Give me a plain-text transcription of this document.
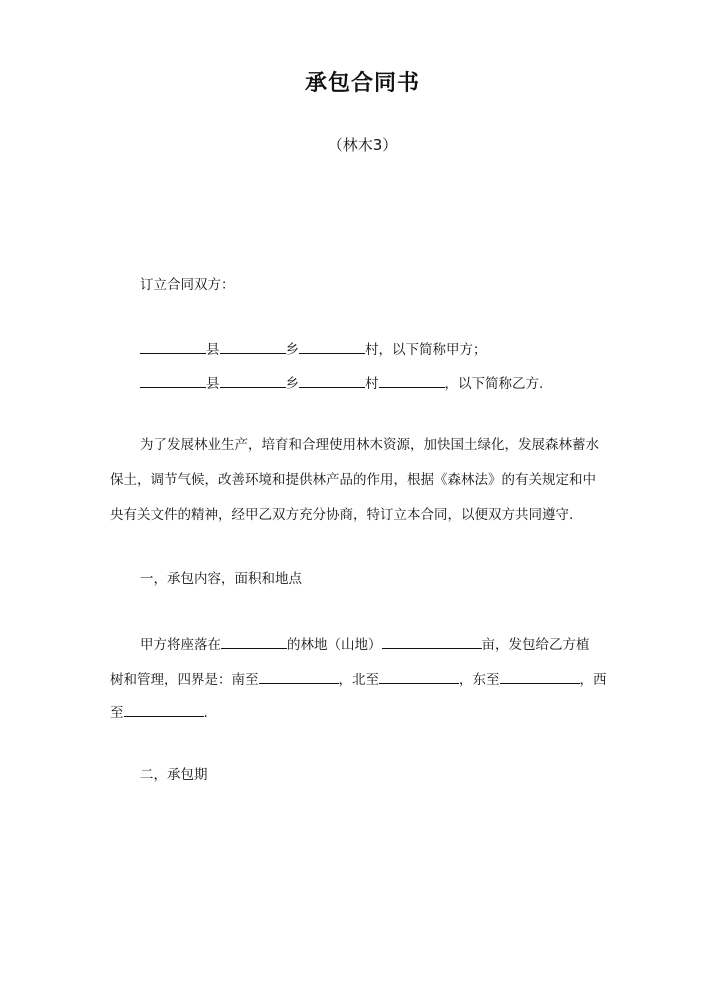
承包合同书
（林木3）
订立合同双方：
县	乡	村，以下简称甲方；
县	乡	村	，以下简称乙方.
为了发展林业生产，培育和合理使用林木资源，加快国土绿化，发展森林蓄水
保土，调节气候，改善环境和提供林产品的作用，根据《森林法》的有关规定和中
央有关文件的精神，经甲乙双方充分协商，特订立本合同，以便双方共同遵守.
一，承包内容，面积和地点
甲方将座落在	的林地（山地）	亩，发包给乙方植
树和管理，四界是：南至	，北至	，东至	，西
至	.
二，承包期
